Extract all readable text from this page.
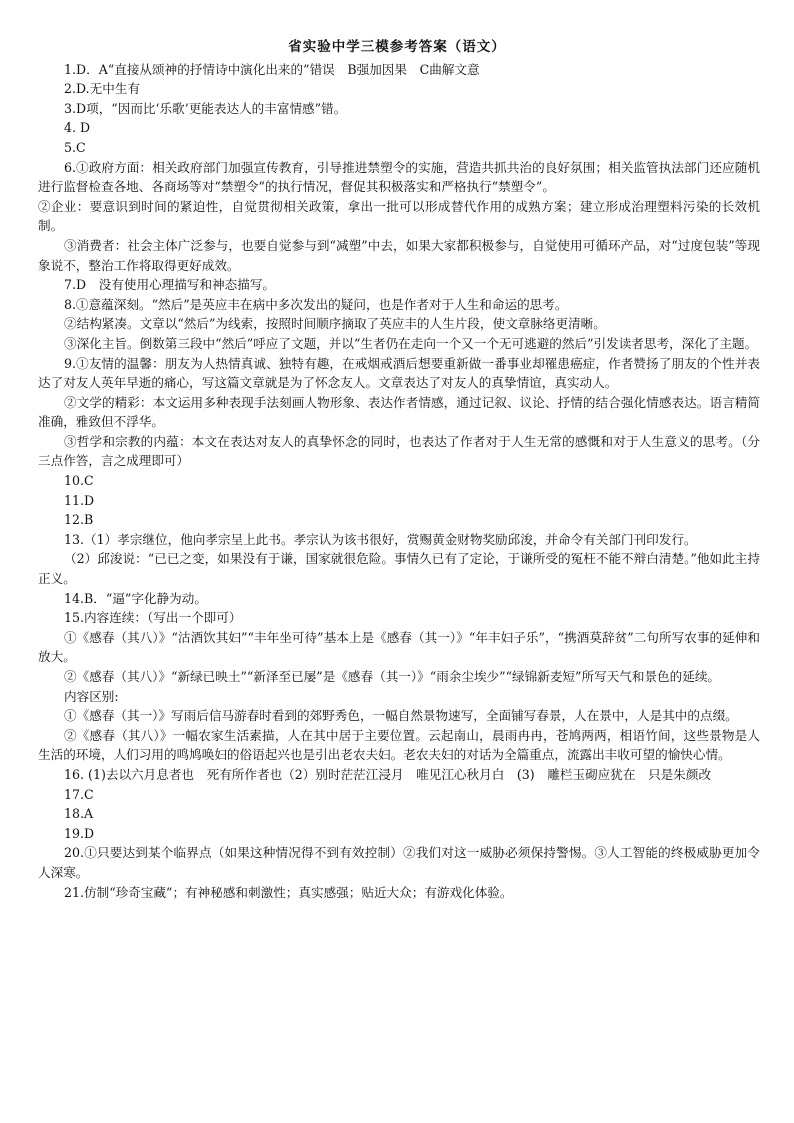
省实验中学三模参考答案（语文）
1.D．A“直接从颂神的抒情诗中演化出来的”错误　B强加因果　C曲解文意
2.D.无中生有
3.D项，“因而比‘乐歌’更能表达人的丰富情感”错。
4. D
5.C
6.①政府方面：相关政府部门加强宣传教育，引导推进禁塑令的实施，营造共抓共治的良好氛围；相关监管执法部门还应随机进行监督检查各地、各商场等对“禁塑令”的执行情况，督促其积极落实和严格执行“禁塑令”。
②企业：要意识到时间的紧迫性，自觉贯彻相关政策，拿出一批可以形成替代作用的成熟方案；建立形成治理塑料污染的长效机制。
③消费者：社会主体广泛参与，也要自觉参与到“减塑”中去，如果大家都积极参与，自觉使用可循环产品，对“过度包装”等现象说不，整治工作将取得更好成效。
7.D　没有使用心理描写和神态描写。
8.①意蕴深刻。“然后”是英应丰在病中多次发出的疑问，也是作者对于人生和命运的思考。
②结构紧凑。文章以“然后”为线索，按照时间顺序摘取了英应丰的人生片段，使文章脉络更清晰。
③深化主旨。倒数第三段中“然后”呼应了文题，并以“生者仍在走向一个又一个无可逃避的然后”引发读者思考，深化了主题。
9.①友情的温馨：朋友为人热情真诚、独特有趣，在戒烟戒酒后想要重新做一番事业却罹患癌症，作者赞扬了朋友的个性并表达了对友人英年早逝的痛心，写这篇文章就是为了怀念友人。文章表达了对友人的真挚情谊，真实动人。
②文学的精彩：本文运用多种表现手法刻画人物形象、表达作者情感，通过记叙、议论、抒情的结合强化情感表达。语言精简准确，雅致但不浮华。
③哲学和宗教的内蕴：本文在表达对友人的真挚怀念的同时，也表达了作者对于人生无常的感慨和对于人生意义的思考。（分三点作答，言之成理即可）
10.C
11.D
12.B
13.（1）孝宗继位，他向孝宗呈上此书。孝宗认为该书很好，赏赐黄金财物奖励邱浚，并命令有关部门刊印发行。
（2）邱浚说：“已已之变，如果没有于谦，国家就很危险。事情久已有了定论，于谦所受的冤枉不能不辩白清楚。”他如此主持正义。
14.B．“逼”字化静为动。
15.内容连续：（写出一个即可）
①《感春（其八）》“沽酒饮其妇”“丰年坐可待”基本上是《感春（其一）》“年丰妇子乐”，“携酒莫辞贫”二句所写农事的延伸和放大。
②《感春（其八）》“新绿已映土”“新泽至已屡”是《感春（其一）》“雨余尘埃少”“绿锦新麦短”所写天气和景色的延续。
内容区别:
①《感春（其一）》写雨后信马游春时看到的郊野秀色，一幅自然景物速写，全面铺写春景，人在景中，人是其中的点缀。
②《感春（其八）》一幅农家生活素描，人在其中居于主要位置。云起南山，晨雨冉冉，苍鸠两两，相语竹间，这些景物是人生活的环境，人们习用的鸣鸠唤妇的俗语起兴也是引出老农夫妇。老农夫妇的对话为全篇重点，流露出丰收可望的愉快心情。
16. (1)去以六月息者也　死有所作者也（2）别时茫茫江浸月　唯见江心秋月白　(3)　雕栏玉砌应犹在　只是朱颜改
17.C
18.A
19.D
20.①只要达到某个临界点（如果这种情况得不到有效控制）②我们对这一威胁必须保持警惕。③人工智能的终极威胁更加令人深寒。
21.仿制“珍奇宝藏”；有神秘感和刺激性；真实感强；贴近大众；有游戏化体验。
